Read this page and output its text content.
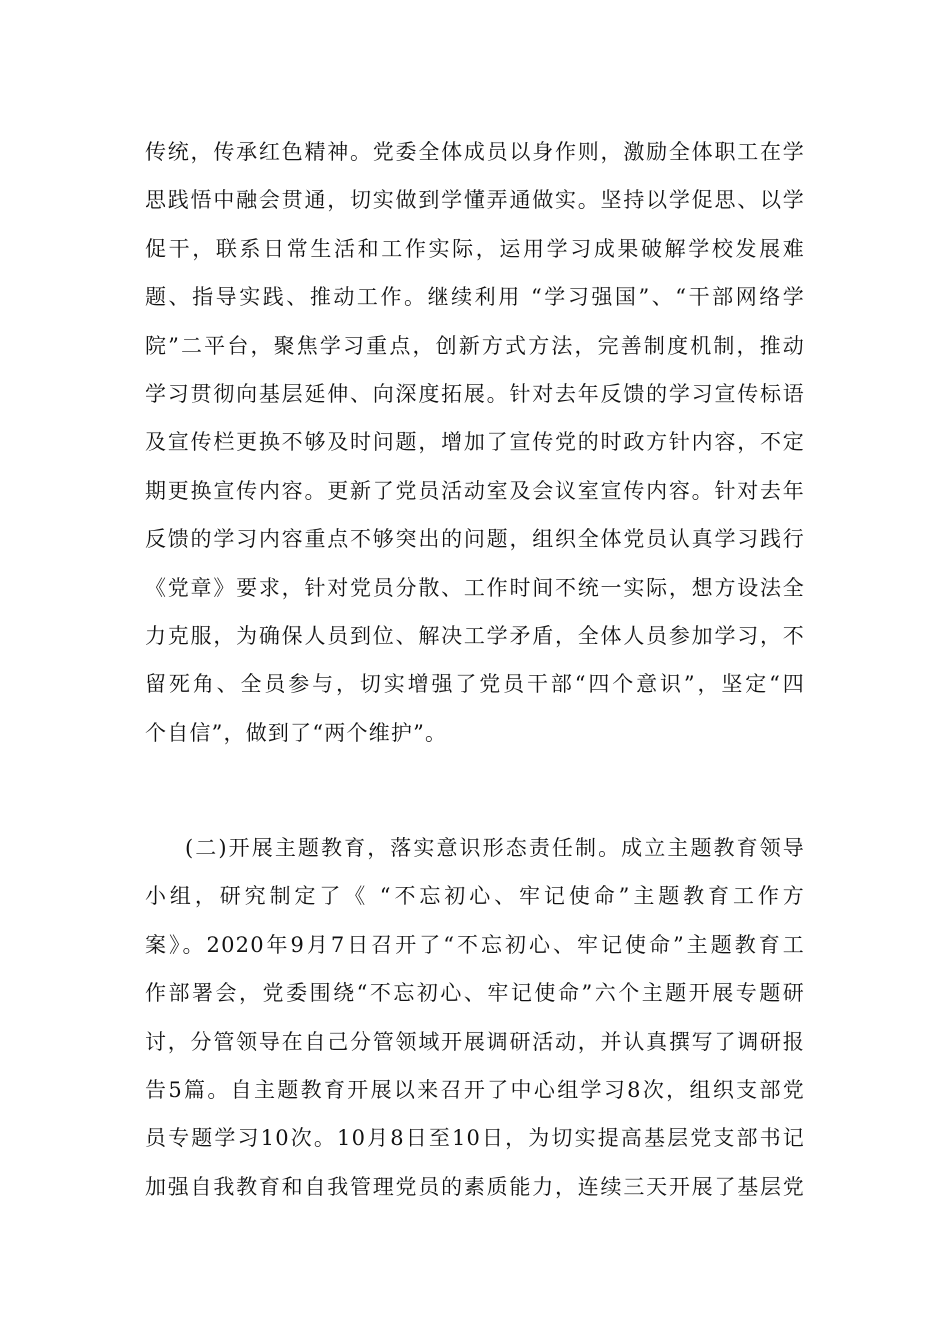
传统，传承红色精神。党委全体成员以身作则，激励全体职工在学
思践悟中融会贯通，切实做到学懂弄通做实。坚持以学促思、以学
促干，联系日常生活和工作实际，运用学习成果破解学校发展难
题、指导实践、推动工作。继续利用 “学习强国”、“干部网络学
院”二平台，聚焦学习重点，创新方式方法，完善制度机制，推动
学习贯彻向基层延伸、向深度拓展。针对去年反馈的学习宣传标语
及宣传栏更换不够及时问题，增加了宣传党的时政方针内容，不定
期更换宣传内容。更新了党员活动室及会议室宣传内容。针对去年
反馈的学习内容重点不够突出的问题，组织全体党员认真学习践行
《党章》要求，针对党员分散、工作时间不统一实际，想方设法全
力克服，为确保人员到位、解决工学矛盾，全体人员参加学习，不
留死角、全员参与，切实增强了党员干部“四个意识”，坚定“四
个自信”，做到了“两个维护”。
(二)开展主题教育，落实意识形态责任制。成立主题教育领导
小组，研究制定了《 “不忘初心、牢记使命”主题教育工作方
案》。2020年9月7日召开了“不忘初心、牢记使命”主题教育工
作部署会，党委围绕“不忘初心、牢记使命”六个主题开展专题研
讨，分管领导在自己分管领域开展调研活动，并认真撰写了调研报
告5篇。自主题教育开展以来召开了中心组学习8次，组织支部党
员专题学习10次。10月8日至10日，为切实提高基层党支部书记
加强自我教育和自我管理党员的素质能力，连续三天开展了基层党
